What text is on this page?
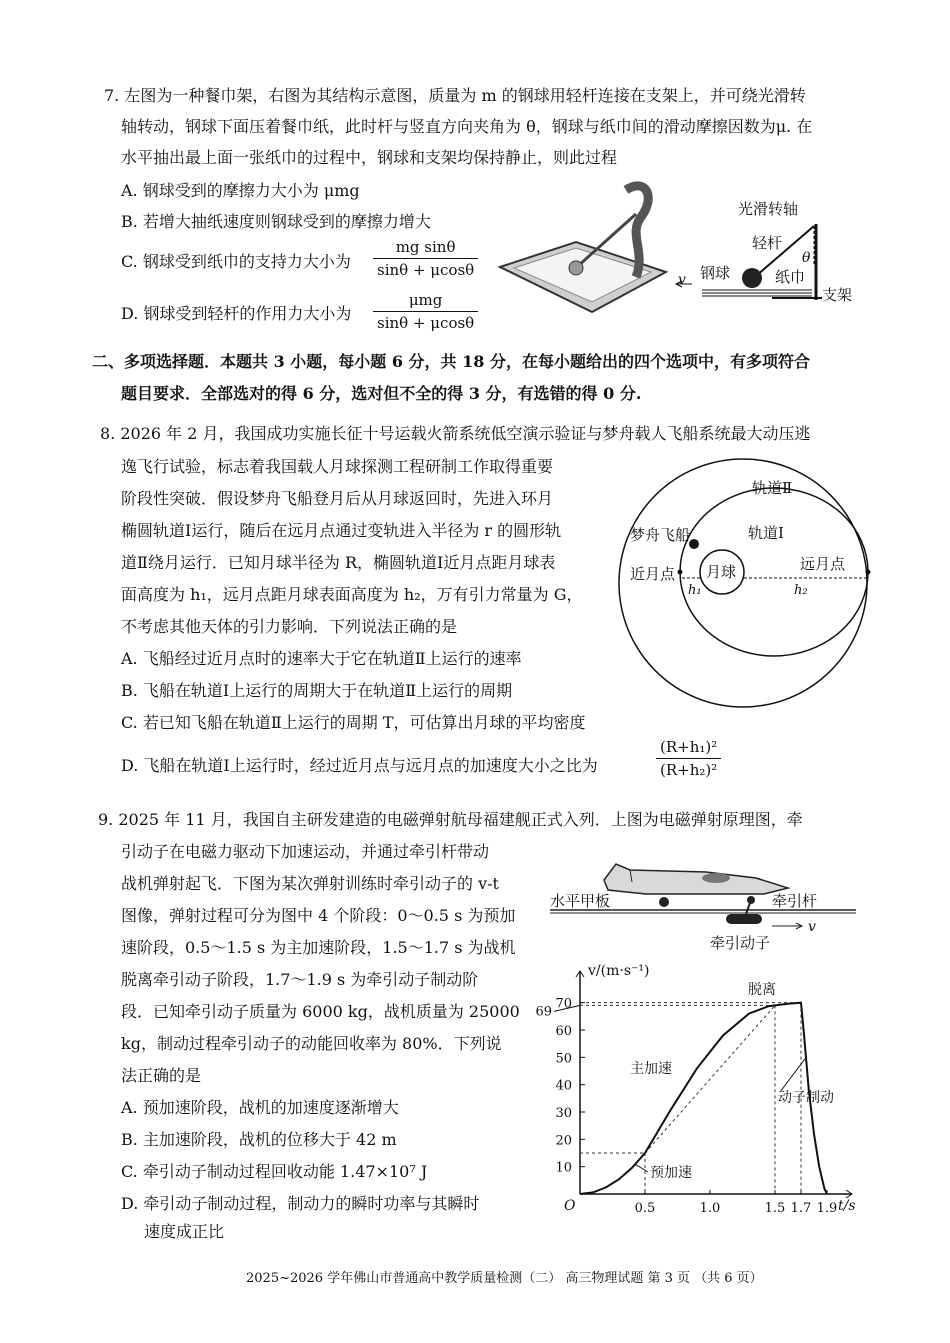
7. 左图为一种餐巾架，右图为其结构示意图，质量为 m 的钢球用轻杆连接在支架上，并可绕光滑转
轴转动，钢球下面压着餐巾纸，此时杆与竖直方向夹角为 θ，钢球与纸巾间的滑动摩擦因数为μ. 在
水平抽出最上面一张纸巾的过程中，钢球和支架均保持静止，则此过程
A. 钢球受到的摩擦力大小为 μmg
B. 若增大抽纸速度则钢球受到的摩擦力增大
C. 钢球受到纸巾的支持力大小为 $\frac{\text{mg sinθ}}{\sin\theta + \mu\cos\theta}$
D. 钢球受到轻杆的作用力大小为
μmg
sinθ + μcosθ
光滑转轴
轻杆
θ
钢球	纸巾
支架
v
二、多项选择题．本题共 3 小题，每小题 6 分，共 18 分，在每小题给出的四个选项中，有多项符合
题目要求．全部选对的得 6 分，选对但不全的得 3 分，有选错的得 0 分.
8. 2026 年 2 月，我国成功实施长征十号运载火箭系统低空演示验证与梦舟载人飞船系统最大动压逃
逸飞行试验，标志着我国载人月球探测工程研制工作取得重要
阶段性突破．假设梦舟飞船登月后从月球返回时，先进入环月
椭圆轨道Ⅰ运行，随后在远月点通过变轨进入半径为 r 的圆形轨
道Ⅱ绕月运行．已知月球半径为 R，椭圆轨道Ⅰ近月点距月球表
面高度为 h₁，远月点距月球表面高度为 h₂，万有引力常量为 G，
不考虑其他天体的引力影响．下列说法正确的是
A. 飞船经过近月点时的速率大于它在轨道Ⅱ上运行的速率
B. 飞船在轨道Ⅰ上运行的周期大于在轨道Ⅱ上运行的周期
C. 若已知飞船在轨道Ⅱ上运行的周期 T，可估算出月球的平均密度
D. 飞船在轨道Ⅰ上运行时，经过近月点与远月点的加速度大小之比为	$\frac{\text{(R+h₁)²}}{\text{(R+h₂)²}}$
轨道Ⅱ
轨道Ⅰ
梦舟飞船
近月点
远月点
月球
h₁	h₂
9. 2025 年 11 月，我国自主研发建造的电磁弹射航母福建舰正式入列．上图为电磁弹射原理图，牵
引动子在电磁力驱动下加速运动，并通过牵引杆带动
战机弹射起飞．下图为某次弹射训练时牵引动子的 v-t
图像，弹射过程可分为图中 4 个阶段：0～0.5 s 为预加
速阶段，0.5～1.5 s 为主加速阶段，1.5～1.7 s 为战机
脱离牵引动子阶段，1.7～1.9 s 为牵引动子制动阶
段．已知牵引动子质量为 6000 kg，战机质量为 25000
kg，制动过程牵引动子的动能回收率为 80%．下列说
法正确的是
A. 预加速阶段，战机的加速度逐渐增大
B. 主加速阶段，战机的位移大于 42 m
C. 牵引动子制动过程回收动能 1.47×10⁷ J
D. 牵引动子制动过程，制动力的瞬时功率与其瞬时
速度成正比
水平甲板	牵引杆
牵引动子
v
10
20
30
40
50
60
70
69
0.5	1.0	1.5 1.7 1.9
v/(m·s⁻¹)
t/s
O
脱离
主加速
动子制动
预加速
2025~2026 学年佛山市普通高中教学质量检测（二） 高三物理试题 第 3 页 （共 6 页）
